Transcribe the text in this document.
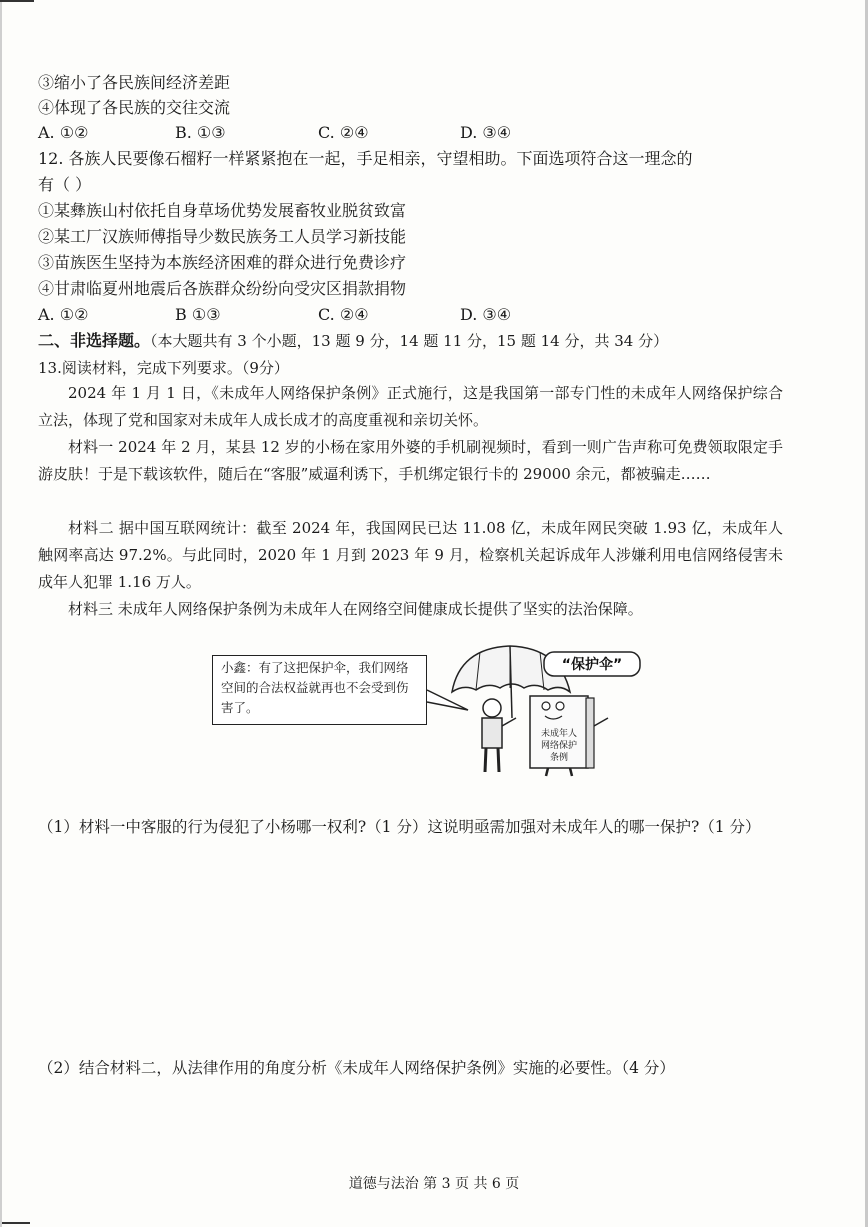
③缩小了各民族间经济差距
④体现了各民族的交往交流
A. ①②	B. ①③	C. ②④	D. ③④
12. 各族人民要像石榴籽一样紧紧抱在一起，手足相亲，守望相助。下面选项符合这一理念的
有（ ）
①某彝族山村依托自身草场优势发展畜牧业脱贫致富
②某工厂汉族师傅指导少数民族务工人员学习新技能
③苗族医生坚持为本族经济困难的群众进行免费诊疗
④甘肃临夏州地震后各族群众纷纷向受灾区捐款捐物
A. ①②	B ①③	C. ②④	D. ③④
二、非选择题。（本大题共有 3 个小题，13 题 9 分，14 题 11 分，15 题 14 分，共 34 分）
13.阅读材料，完成下列要求。（9分）
2024 年 1 月 1 日，《未成年人网络保护条例》正式施行，这是我国第一部专门性的未成年人网络保护综合立法，体现了党和国家对未成年人成长成才的高度重视和亲切关怀。
材料一 2024 年 2 月，某县 12 岁的小杨在家用外婆的手机刷视频时，看到一则广告声称可免费领取限定手游皮肤！于是下载该软件，随后在“客服”威逼利诱下，手机绑定银行卡的 29000 余元，都被骗走……
材料二 据中国互联网统计：截至 2024 年，我国网民已达 11.08 亿，未成年网民突破 1.93 亿，未成年人触网率高达 97.2%。与此同时，2020 年 1 月到 2023 年 9 月，检察机关起诉成年人涉嫌利用电信网络侵害未成年人犯罪 1.16 万人。
材料三 未成年人网络保护条例为未成年人在网络空间健康成长提供了坚实的法治保障。
小鑫：有了这把保护伞，我们网络空间的合法权益就再也不会受到伤害了。
“保护伞”
未成年人
网络保护
条例
（1）材料一中客服的行为侵犯了小杨哪一权利?（1 分）这说明亟需加强对未成年人的哪一保护?（1 分）
（2）结合材料二，从法律作用的角度分析《未成年人网络保护条例》实施的必要性。（4 分）
道德与法治 第 3 页 共 6 页
